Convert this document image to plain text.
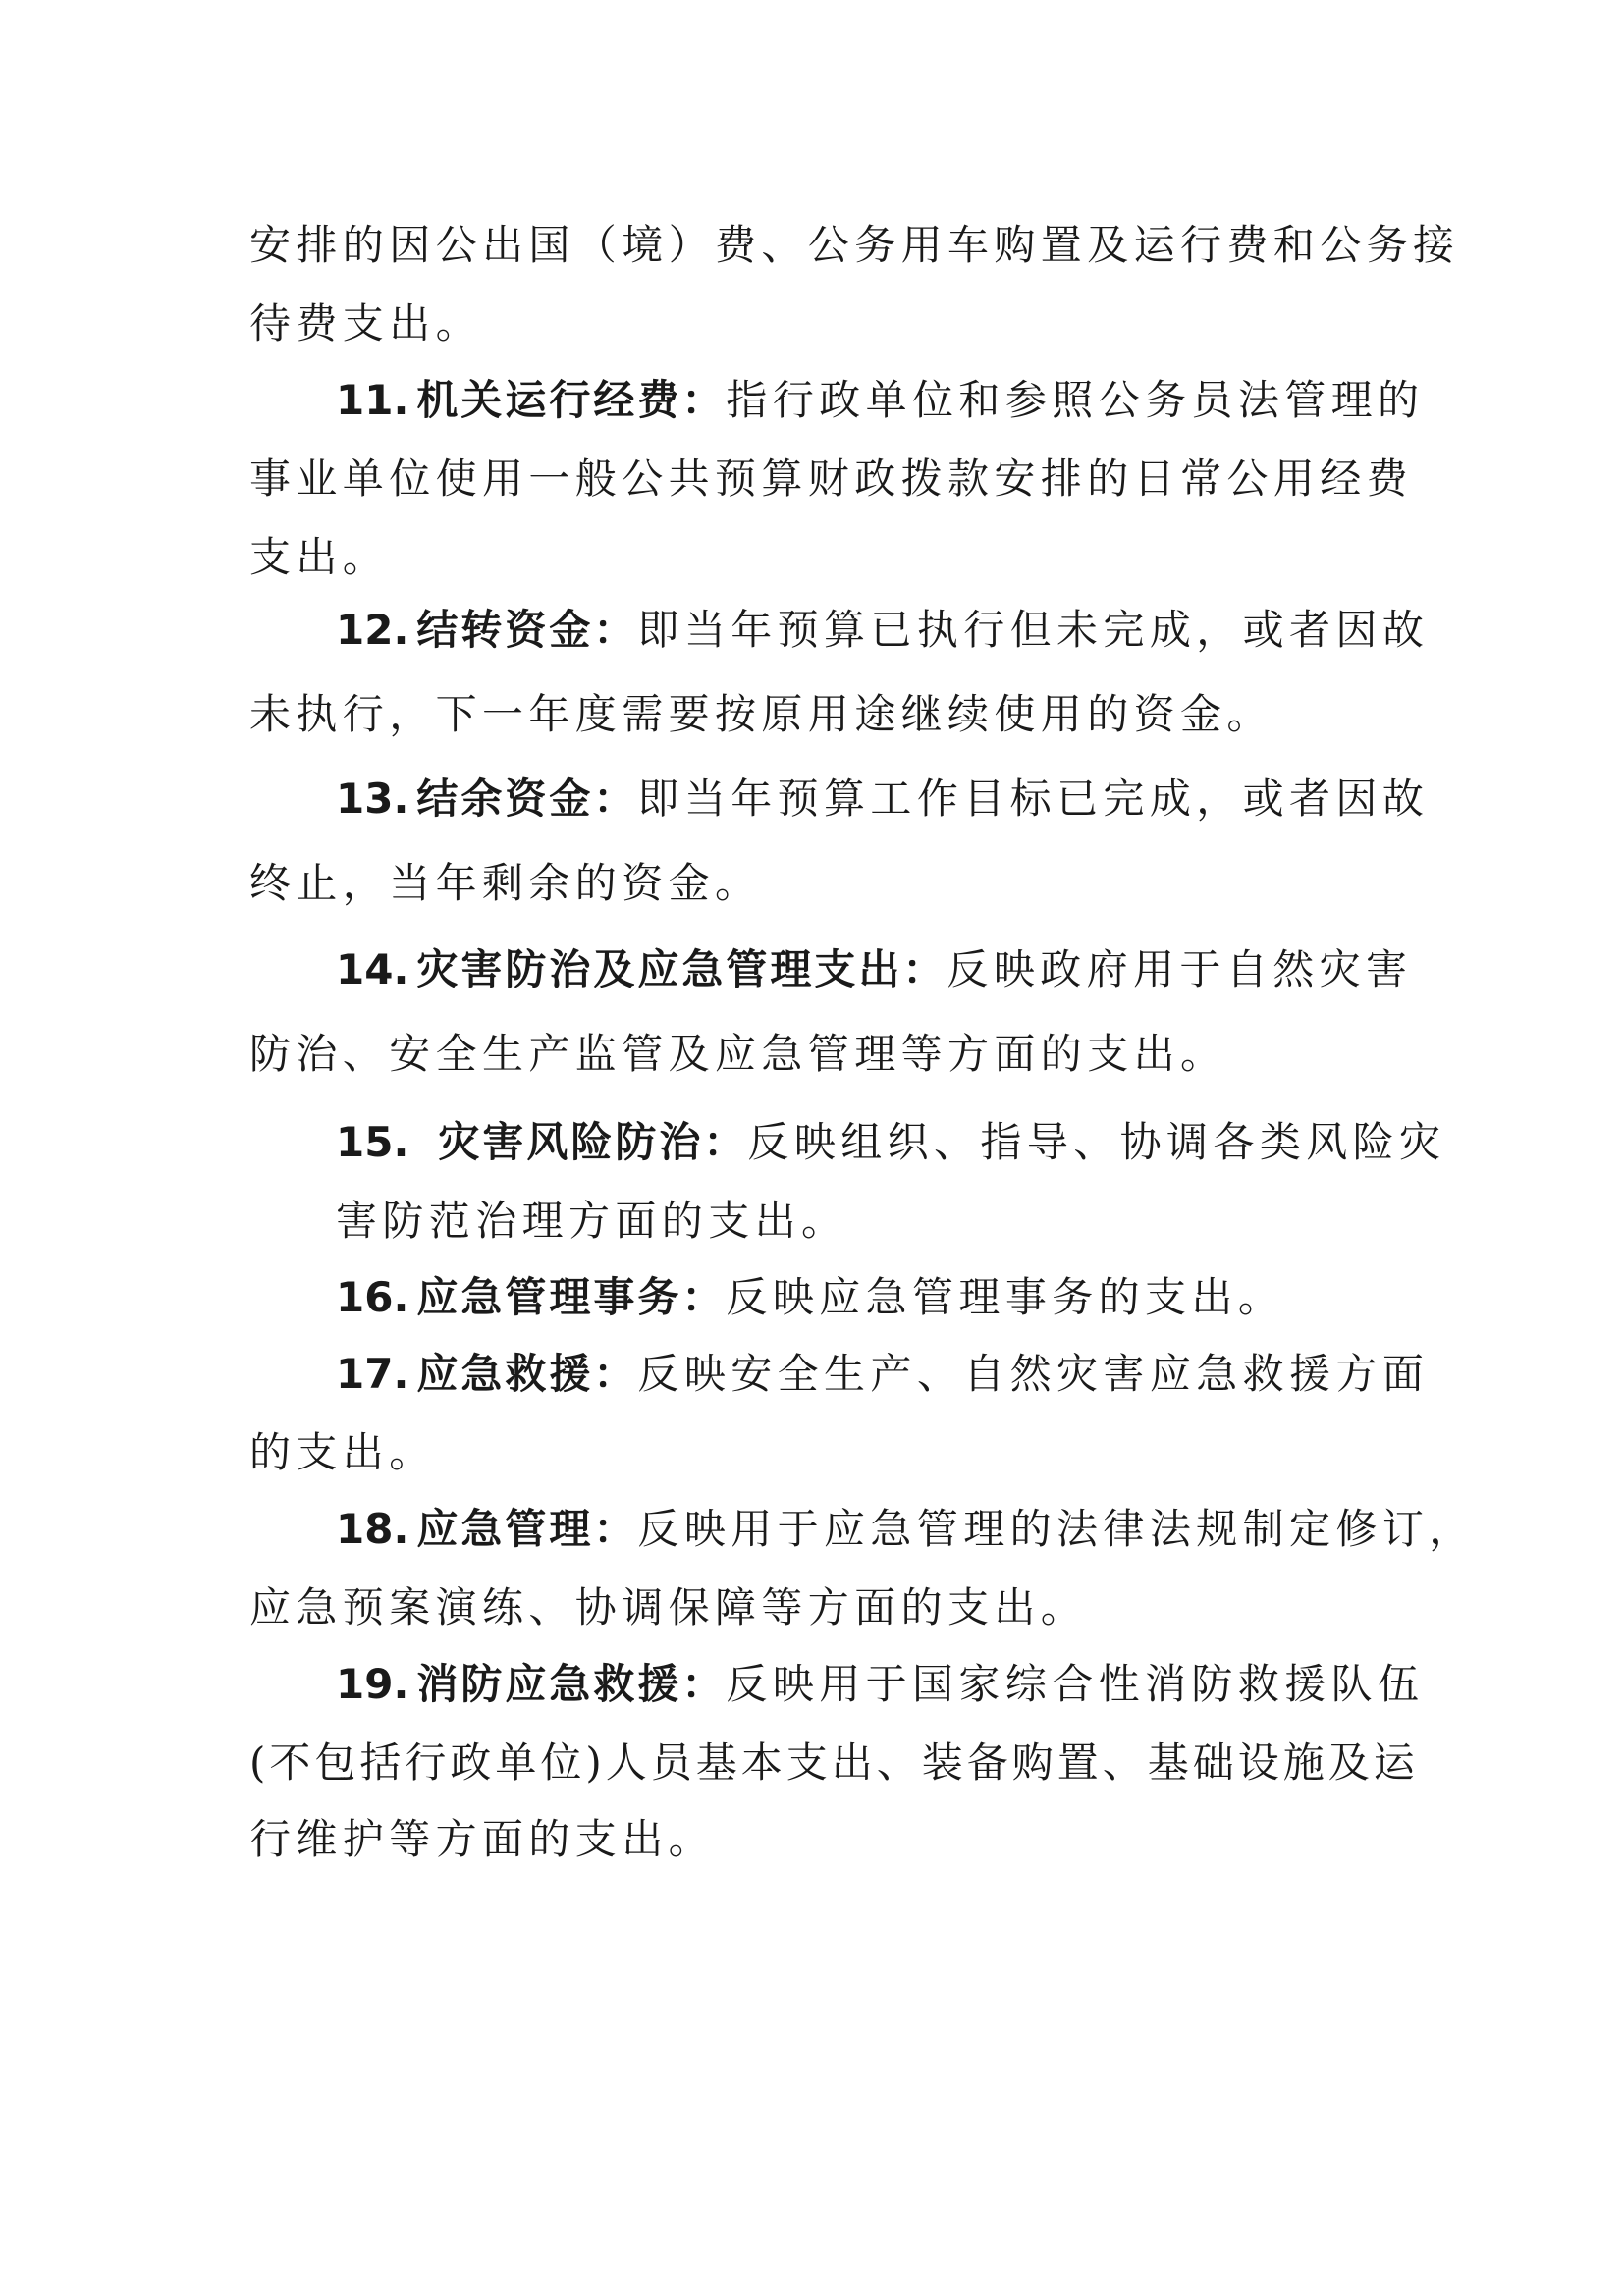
安排的因公出国（境）费、公务用车购置及运行费和公务接
待费支出。
11. 机关运行经费：指行政单位和参照公务员法管理的
事业单位使用一般公共预算财政拨款安排的日常公用经费
支出。
12. 结转资金：即当年预算已执行但未完成，或者因故
未执行，下一年度需要按原用途继续使用的资金。
13. 结余资金：即当年预算工作目标已完成，或者因故
终止，当年剩余的资金。
14. 灾害防治及应急管理支出：反映政府用于自然灾害
防治、安全生产监管及应急管理等方面的支出。
15. 灾害风险防治：反映组织、指导、协调各类风险灾
害防范治理方面的支出。
16. 应急管理事务：反映应急管理事务的支出。
17. 应急救援：反映安全生产、自然灾害应急救援方面
的支出。
18. 应急管理：反映用于应急管理的法律法规制定修订，
应急预案演练、协调保障等方面的支出。
19. 消防应急救援：反映用于国家综合性消防救援队伍
(不包括行政单位)人员基本支出、装备购置、基础设施及运
行维护等方面的支出。
